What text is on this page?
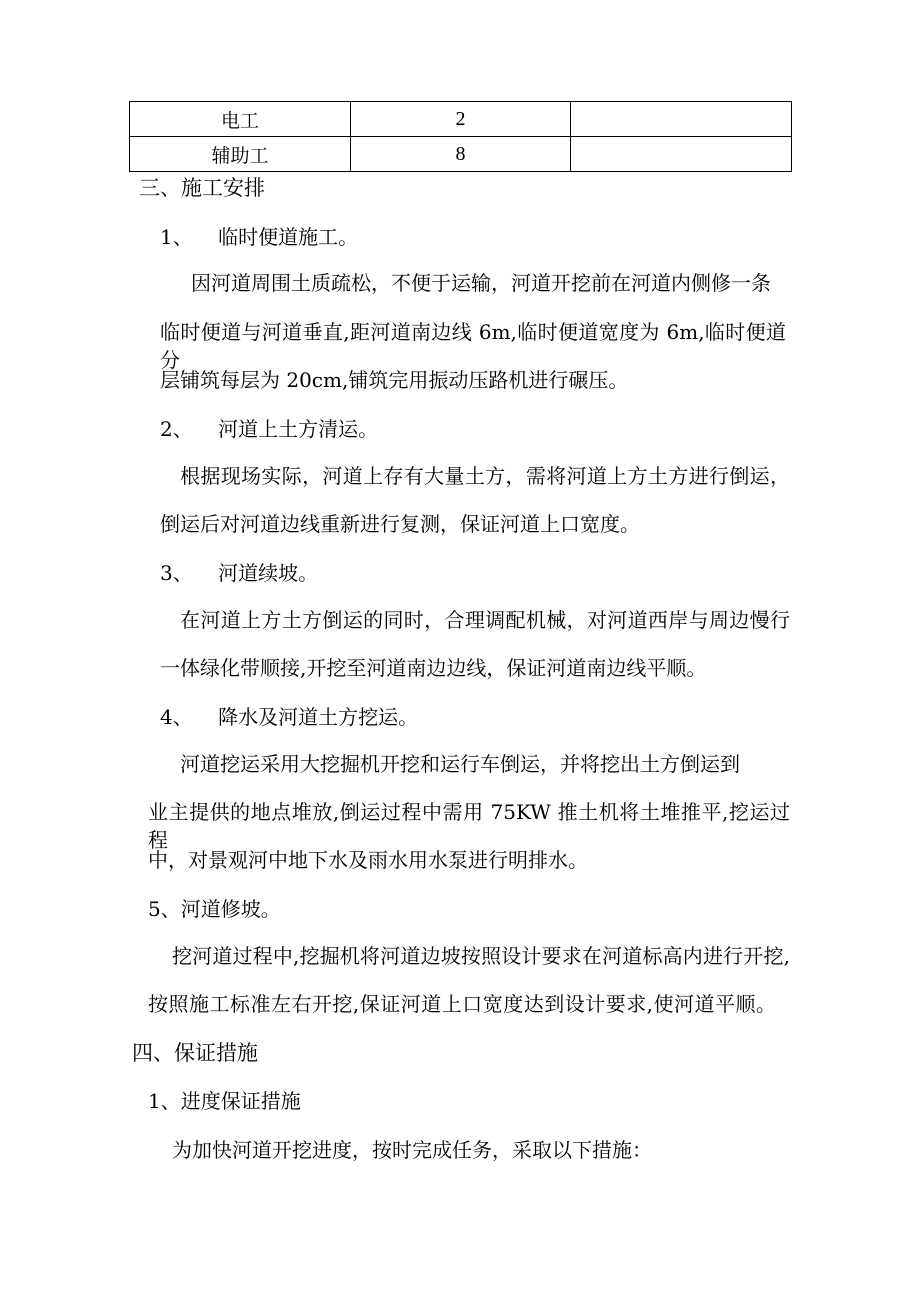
电工	2	
辅助工	8	
三、施工安排
1、    临时便道施工。
因河道周围土质疏松，不便于运输，河道开挖前在河道内侧修一条
临时便道与河道垂直,距河道南边线 6m,临时便道宽度为 6m,临时便道分
层铺筑每层为 20cm,铺筑完用振动压路机进行碾压。
2、    河道上土方清运。
根据现场实际，河道上存有大量土方，需将河道上方土方进行倒运，
倒运后对河道边线重新进行复测，保证河道上口宽度。
3、    河道续坡。
在河道上方土方倒运的同时，合理调配机械，对河道西岸与周边慢行
一体绿化带顺接,开挖至河道南边边线，保证河道南边线平顺。
4、    降水及河道土方挖运。
河道挖运采用大挖掘机开挖和运行车倒运，并将挖出土方倒运到
业主提供的地点堆放,倒运过程中需用 75KW 推土机将土堆推平,挖运过程
中，对景观河中地下水及雨水用水泵进行明排水。
5、河道修坡。
挖河道过程中,挖掘机将河道边坡按照设计要求在河道标高内进行开挖,
按照施工标准左右开挖,保证河道上口宽度达到设计要求,使河道平顺。
四、保证措施
1、进度保证措施
为加快河道开挖进度，按时完成任务，采取以下措施：
